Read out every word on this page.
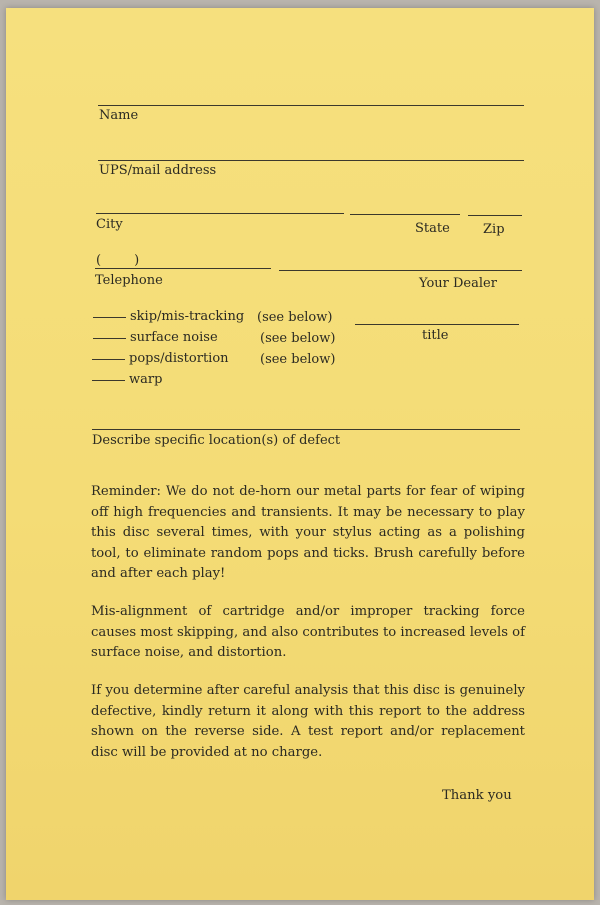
Name
UPS/mail address
City	State	Zip
(        )
Telephone	Your Dealer
skip/mis-tracking (see below)
surface noise	(see below)
pops/distortion (see below)
warp
title
Describe specific location(s) of defect
Reminder: We do not de-horn our metal parts for fear of wiping off high frequencies and transients. It may be necessary to play this disc several times, with your stylus acting as a polishing tool, to eliminate random pops and ticks. Brush carefully before and after each play!
Mis-alignment of cartridge and/or improper tracking force causes most skipping, and also contributes to increased levels of surface noise, and distortion.
If you determine after careful analysis that this disc is genuinely defective, kindly return it along with this report to the address shown on the reverse side. A test report and/or replacement disc will be provided at no charge.
Thank you
